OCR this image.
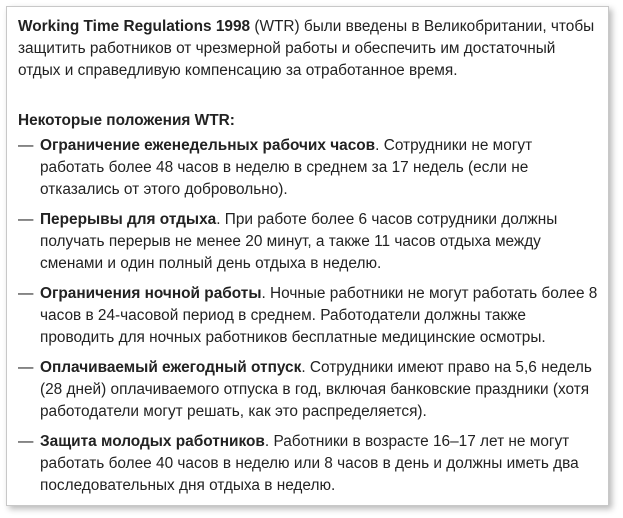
Working Time Regulations 1998 (WTR) были введены в Великобритании, чтобы защитить работников от чрезмерной работы и обеспечить им достаточный отдых и справедливую компенсацию за отработанное время.

Некоторые положения WTR:
— Ограничение еженедельных рабочих часов. Сотрудники не могут работать более 48 часов в неделю в среднем за 17 недель (если не отказались от этого добровольно).
— Перерывы для отдыха. При работе более 6 часов сотрудники должны получать перерыв не менее 20 минут, а также 11 часов отдыха между сменами и один полный день отдыха в неделю.
— Ограничения ночной работы. Ночные работники не могут работать более 8 часов в 24-часовой период в среднем. Работодатели должны также проводить для ночных работников бесплатные медицинские осмотры.
— Оплачиваемый ежегодный отпуск. Сотрудники имеют право на 5,6 недель (28 дней) оплачиваемого отпуска в год, включая банковские праздники (хотя работодатели могут решать, как это распределяется).
— Защита молодых работников. Работники в возрасте 16–17 лет не могут работать более 40 часов в неделю или 8 часов в день и должны иметь два последовательных дня отдыха в неделю.
